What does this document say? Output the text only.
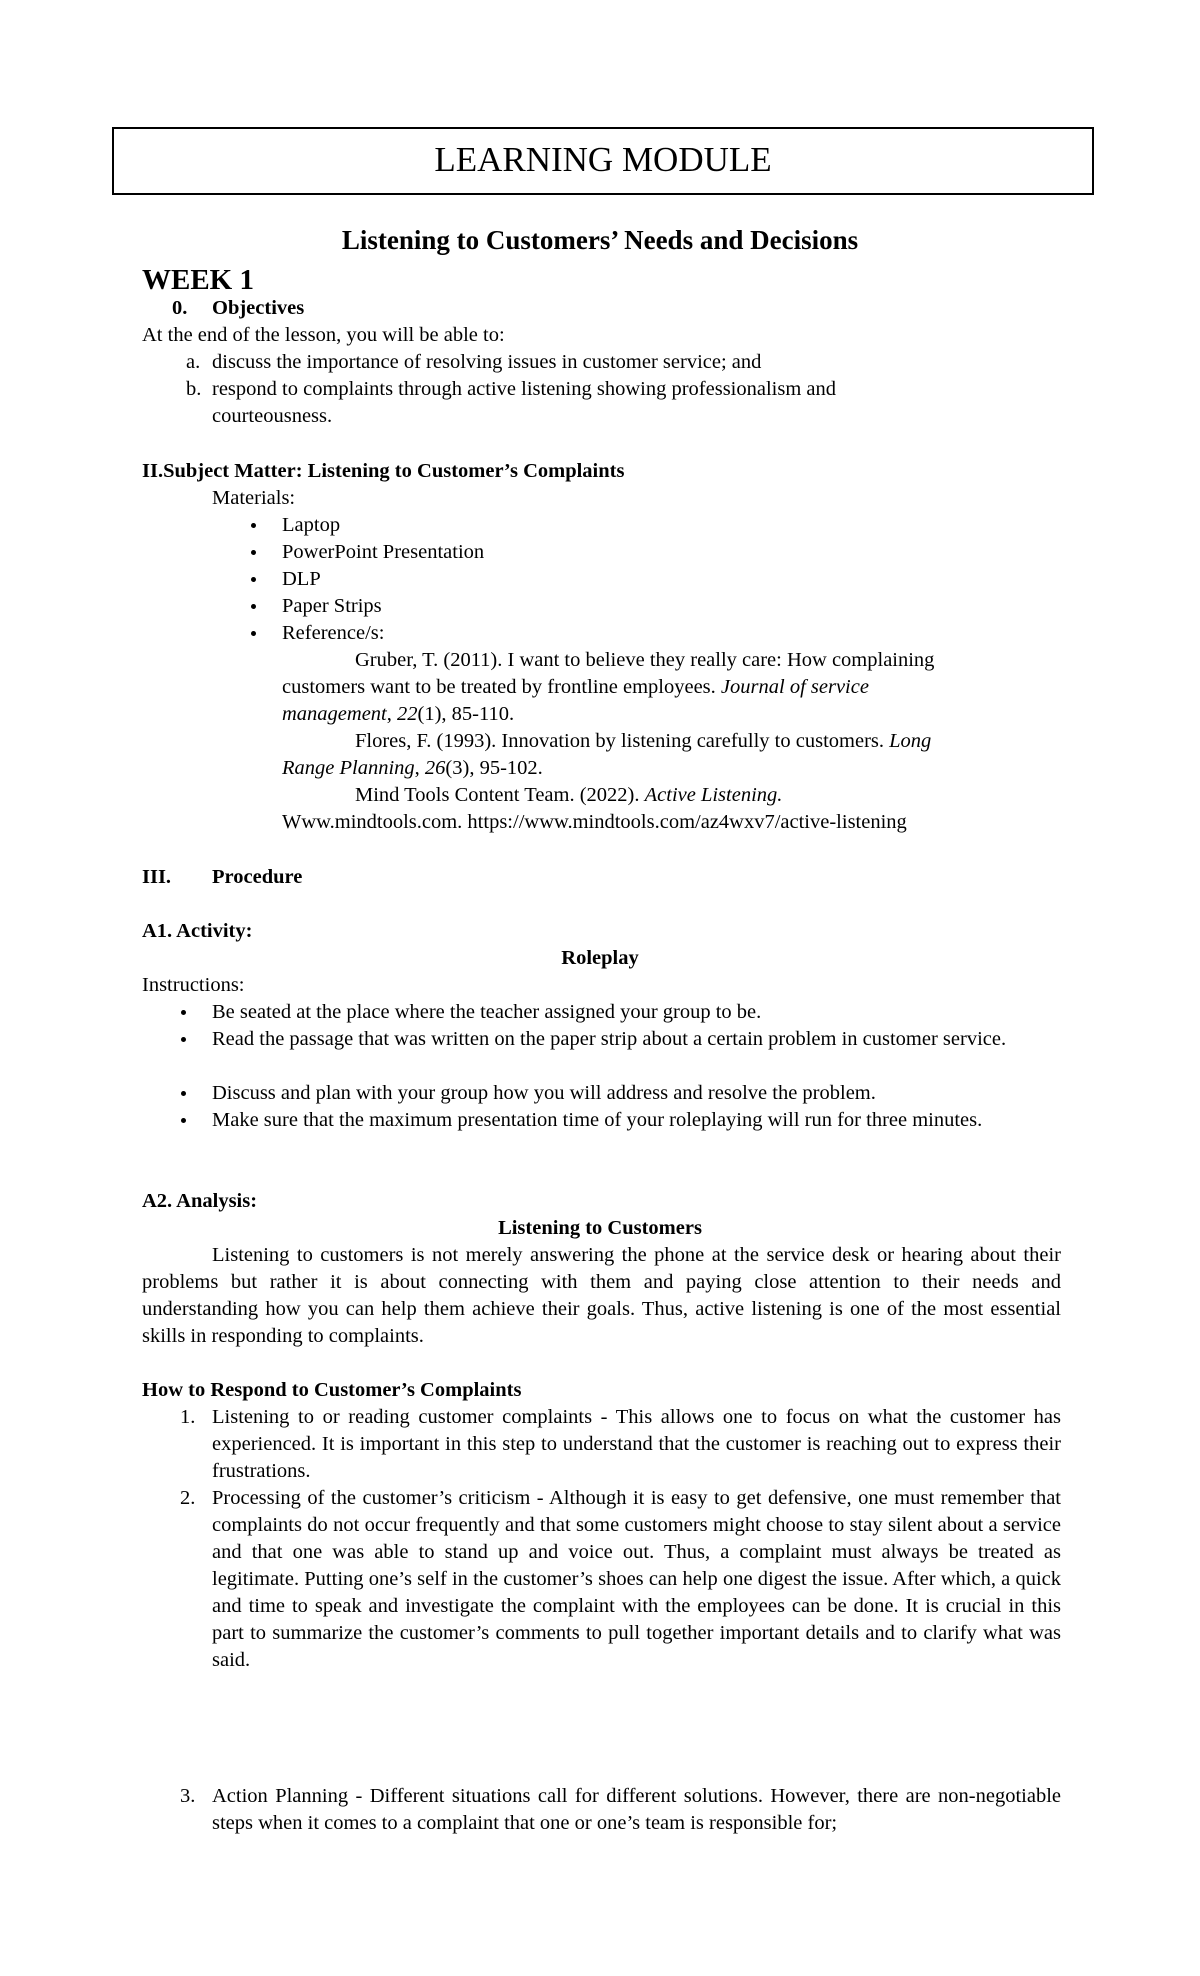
LEARNING MODULE
Listening to Customers’ Needs and Decisions
WEEK 1
0. Objectives
At the end of the lesson, you will be able to:
a. discuss the importance of resolving issues in customer service; and
b. respond to complaints through active listening showing professionalism and
courteousness.
II.Subject Matter: Listening to Customer’s Complaints
Materials:
Laptop
PowerPoint Presentation
DLP
Paper Strips
Reference/s:
Gruber, T. (2011). I want to believe they really care: How complaining
customers want to be treated by frontline employees. Journal of service
management, 22(1), 85-110.
Flores, F. (1993). Innovation by listening carefully to customers. Long
Range Planning, 26(3), 95-102.
Mind Tools Content Team. (2022). Active Listening.
Www.mindtools.com. https://www.mindtools.com/az4wxv7/active-listening
III. Procedure
A1. Activity:
Roleplay
Instructions:
Be seated at the place where the teacher assigned your group to be.
Read the passage that was written on the paper strip about a certain problem in customer service.
Discuss and plan with your group how you will address and resolve the problem.
Make sure that the maximum presentation time of your roleplaying will run for three minutes.
A2. Analysis:
Listening to Customers
Listening to customers is not merely answering the phone at the service desk or hearing about their problems but rather it is about connecting with them and paying close attention to their needs and understanding how you can help them achieve their goals. Thus, active listening is one of the most essential skills in responding to complaints.
How to Respond to Customer’s Complaints
1. Listening to or reading customer complaints - This allows one to focus on what the customer has experienced. It is important in this step to understand that the customer is reaching out to express their frustrations.
2. Processing of the customer’s criticism - Although it is easy to get defensive, one must remember that complaints do not occur frequently and that some customers might choose to stay silent about a service and that one was able to stand up and voice out. Thus, a complaint must always be treated as legitimate. Putting one’s self in the customer’s shoes can help one digest the issue. After which, a quick and time to speak and investigate the complaint with the employees can be done. It is crucial in this part to summarize the customer’s comments to pull together important details and to clarify what was said.
3. Action Planning - Different situations call for different solutions. However, there are non-negotiable steps when it comes to a complaint that one or one’s team is responsible for;
